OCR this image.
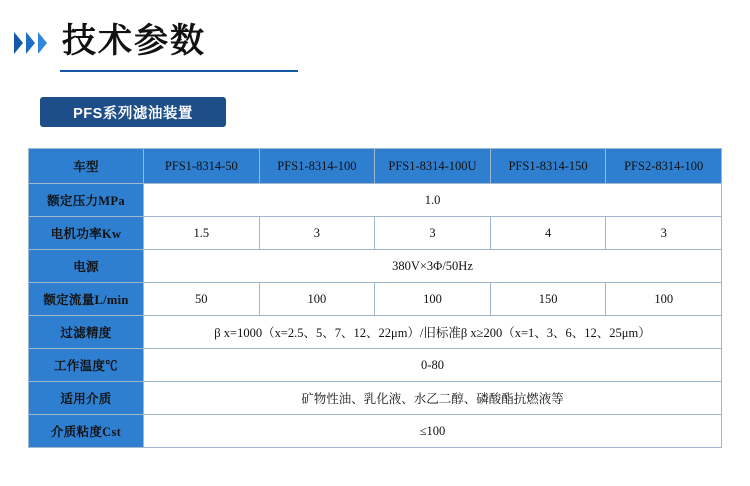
技术参数
PFS系列滤油装置
车型	PFS1-8314-50	PFS1-8314-100	PFS1-8314-100U	PFS1-8314-150	PFS2-8314-100
额定压力MPa	1.0				
电机功率Kw	1.5	3	3	4	3
电源	380V×3Φ/50Hz				
额定流量L/min	50	100	100	150	100
过滤精度	β x=1000（x=2.5、5、7、12、22μm）/旧标准β x≥200（x=1、3、6、12、25μm）				
工作温度℃	0-80				
适用介质	矿物性油、乳化液、水乙二醇、磷酸酯抗燃液等				
介质粘度Cst	≤100				
